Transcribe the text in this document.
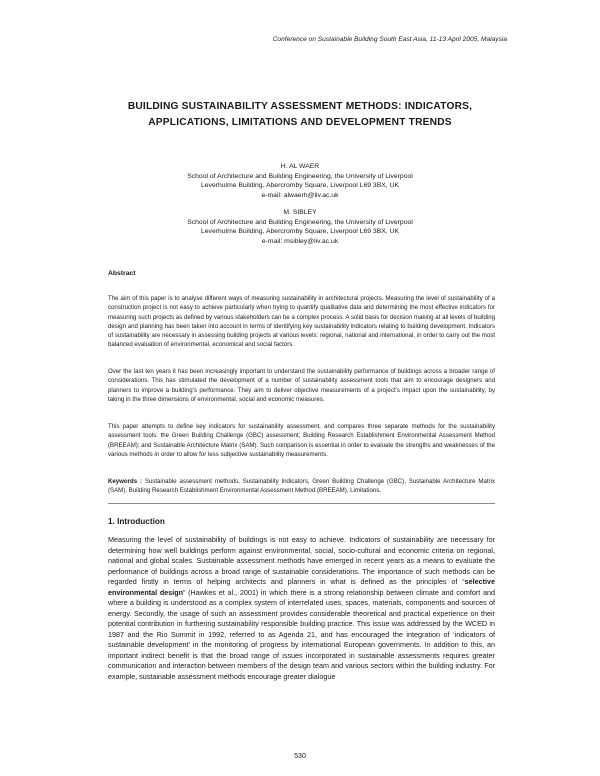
Conference on Sustainable Building South East Asia, 11-13 April 2005, Malaysia
BUILDING SUSTAINABILITY ASSESSMENT METHODS: INDICATORS, APPLICATIONS, LIMITATIONS AND DEVELOPMENT TRENDS
H. AL WAER
School of Architecture and Building Engineering, the University of Liverpool
Leverhulme Building, Abercromby Square, Liverpool L69 3BX, UK
e-mail: alwaerh@liv.ac.uk
M. SIBLEY
School of Architecture and Building Engineering, the University of Liverpool
Leverhulme Building, Abercromby Square, Liverpool L69 3BX, UK
e-mail: msibley@liv.ac.uk
Abstract

The aim of this paper is to analyse different ways of measuring sustainability in architectural projects. Measuring the level of sustainability of a construction project is not easy to achieve particularly when trying to quantify qualitative data and determining the most effective indicators for measuring such projects as defined by various stakeholders can be a complex process. A solid basis for decision making at all levels of building design and planning has been taken into account in terms of identifying key sustainability indicators relating to building development. Indicators of sustainability are necessary in assessing building projects at various levels: regional, national and international, in order to carry out the most balanced evaluation of environmental, economical and social factors.

Over the last ten years it has been increasingly important to understand the sustainability performance of buildings across a broader range of considerations. This has stimulated the development of a number of sustainability assessment tools that aim to encourage designers and planners to improve a building's performance. They aim to deliver objective measurements of a project's impact upon the sustainability, by taking in the three dimensions of environmental, social and economic measures.

This paper attempts to define key indicators for sustainability assessment, and compares three separate methods for the sustainability assessment tools: the Green Building Challenge (GBC) assessment; Building Research Establishment Environmental Assessment Method (BREEAM); and Sustainable Architecture Matrix (SAM). Such comparison is essential in order to evaluate the strengths and weaknesses of the various methods in order to allow for less subjective sustainability measurements.

Keywords : Sustainable assessment methods, Sustainability Indicators, Green Building Challenge (GBC), Sustainable Architecture Matrix (SAM), Building Research Establishment Environmental Assessment Method (BREEAM), Limitations.

1. Introduction

Measuring the level of sustainability of buildings is not easy to achieve. Indicators of sustainability are necessary for determining how well buildings perform against environmental, social, socio-cultural and economic criteria on regional, national and global scales. Sustainable assessment methods have emerged in recent years as a means to evaluate the performance of buildings across a broad range of sustainable considerations. The importance of such methods can be regarded firstly in terms of helping architects and planners in what is defined as the principles of “selective environmental design” (Hawkes et al., 2001) in which there is a strong relationship between climate and comfort and where a building is understood as a complex system of interrelated uses, spaces, materials, components and sources of energy. Secondly, the usage of such an assessment provides considerable theoretical and practical experience on their potential contribution in furthering sustainability responsible building practice. This issue was addressed by the WCED in 1987 and the Rio Summit in 1992, referred to as Agenda 21, and has encouraged the integration of ‘indicators of sustainable development’ in the monitoring of progress by international European governments. In addition to this, an important indirect benefit is that the broad range of issues incorporated in sustainable assessments requires greater communication and interaction between members of the design team and various sectors within the building industry. For example, sustainable assessment methods encourage greater dialogue

530
